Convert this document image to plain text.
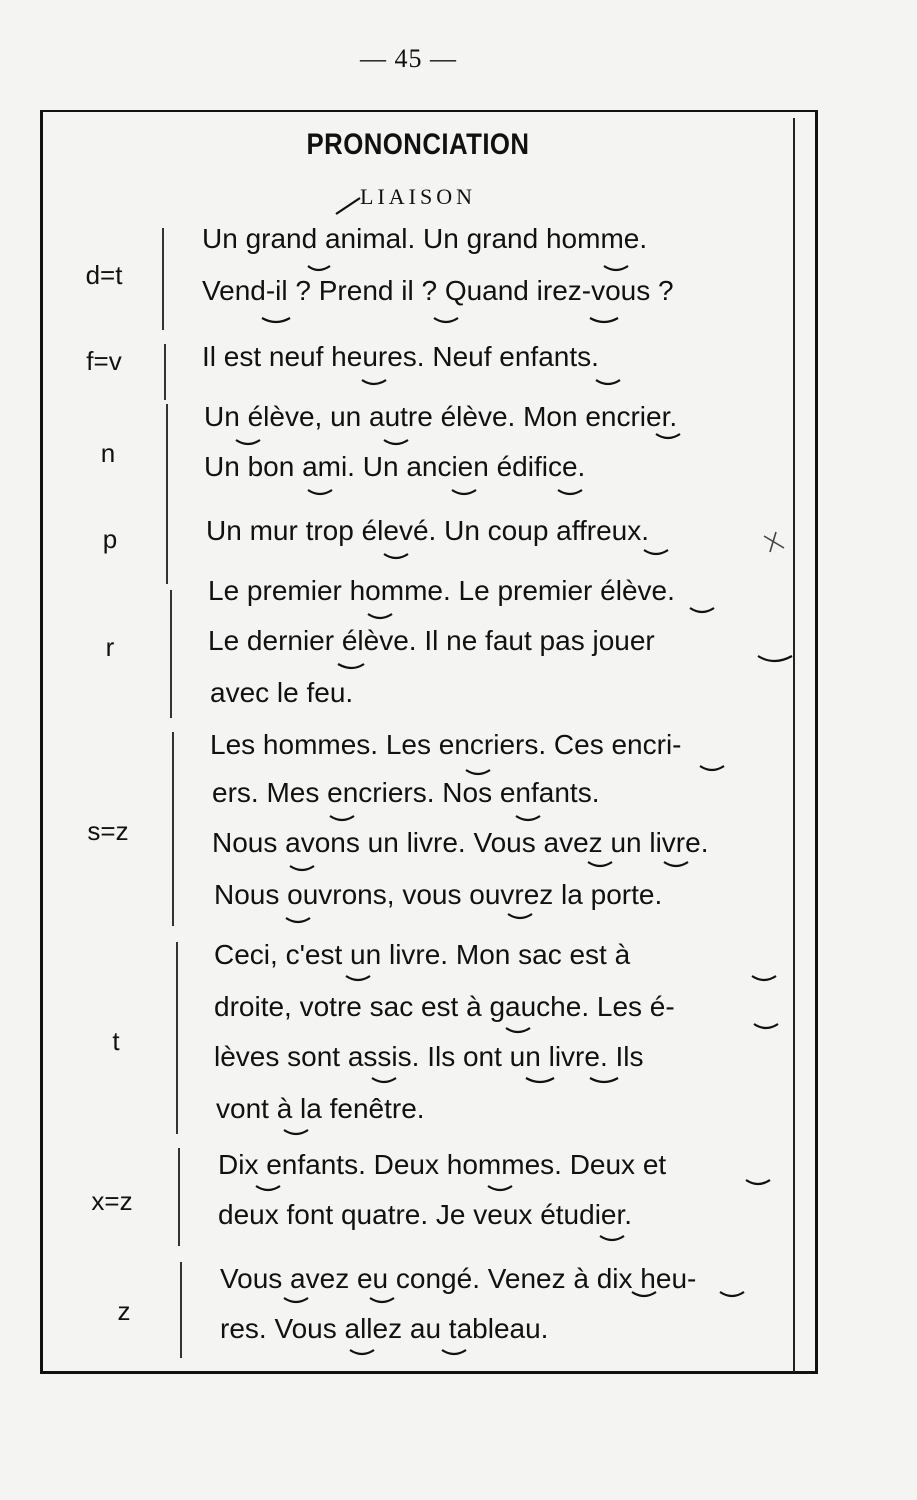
— 45 —
PRONONCIATION
LIAISON
d=t
f=v
n
p
r
s=z
t
x=z
z
Un grand animal. Un grand homme.
Vend-il ? Prend il ? Quand irez-vous ?
Il est neuf heures. Neuf enfants.
Un élève, un autre élève. Mon encrier.
Un bon ami. Un ancien édifice.
Un mur trop élevé. Un coup affreux.
Le premier homme. Le premier élève.
Le dernier élève. Il ne faut pas jouer
avec le feu.
Les hommes. Les encriers. Ces encri-
ers. Mes encriers. Nos enfants.
Nous avons un livre. Vous avez un livre.
Nous ouvrons, vous ouvrez la porte.
Ceci, c'est un livre. Mon sac est à
droite, votre sac est à gauche. Les é-
lèves sont assis. Ils ont un livre. Ils
vont à la fenêtre.
Dix enfants. Deux hommes. Deux et
deux font quatre. Je veux étudier.
Vous avez eu congé. Venez à dix heu-
res. Vous allez au tableau.
